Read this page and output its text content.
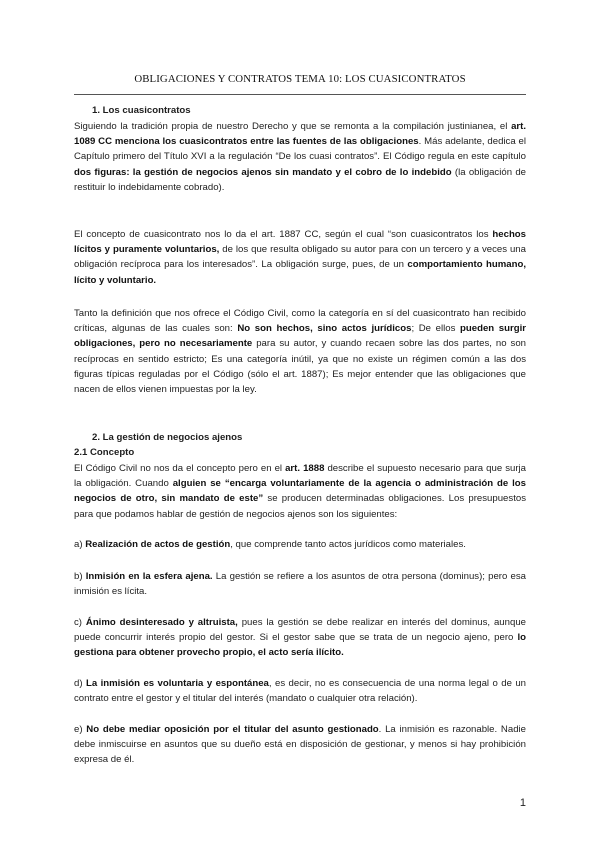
OBLIGACIONES Y CONTRATOS TEMA 10: LOS CUASICONTRATOS
1. Los cuasicontratos

Siguiendo la tradición propia de nuestro Derecho y que se remonta a la compilación justinianea, el art. 1089 CC menciona los cuasicontratos entre las fuentes de las obligaciones. Más adelante, dedica el Capítulo primero del Título XVI a la regulación “De los cuasi contratos”. El Código regula en este capítulo dos figuras: la gestión de negocios ajenos sin mandato y el cobro de lo indebido (la obligación de restituir lo indebidamente cobrado).

El concepto de cuasicontrato nos lo da el art. 1887 CC, según el cual “son cuasicontratos los hechos lícitos y puramente voluntarios, de los que resulta obligado su autor para con un tercero y a veces una obligación recíproca para los interesados”. La obligación surge, pues, de un comportamiento humano, lícito y voluntario.

Tanto la definición que nos ofrece el Código Civil, como la categoría en sí del cuasicontrato han recibido críticas, algunas de las cuales son: No son hechos, sino actos jurídicos; De ellos pueden surgir obligaciones, pero no necesariamente para su autor, y cuando recaen sobre las dos partes, no son recíprocas en sentido estricto; Es una categoría inútil, ya que no existe un régimen común a las dos figuras típicas reguladas por el Código (sólo el art. 1887); Es mejor entender que las obligaciones que nacen de ellos vienen impuestas por la ley.

2. La gestión de negocios ajenos
2.1 Concepto

El Código Civil no nos da el concepto pero en el art. 1888 describe el supuesto necesario para que surja la obligación. Cuando alguien se “encarga voluntariamente de la agencia o administración de los negocios de otro, sin mandato de este” se producen determinadas obligaciones. Los presupuestos para que podamos hablar de gestión de negocios ajenos son los siguientes:

a) Realización de actos de gestión, que comprende tanto actos jurídicos como materiales.

b) Inmisión en la esfera ajena. La gestión se refiere a los asuntos de otra persona (dominus); pero esa inmisión es lícita.

c) Ánimo desinteresado y altruista, pues la gestión se debe realizar en interés del dominus, aunque puede concurrir interés propio del gestor. Si el gestor sabe que se trata de un negocio ajeno, pero lo gestiona para obtener provecho propio, el acto sería ilícito.

d) La inmisión es voluntaria y espontánea, es decir, no es consecuencia de una norma legal o de un contrato entre el gestor y el titular del interés (mandato o cualquier otra relación).

e) No debe mediar oposición por el titular del asunto gestionado. La inmisión es razonable. Nadie debe inmiscuirse en asuntos que su dueño está en disposición de gestionar, y menos si hay prohibición expresa de él.

1
